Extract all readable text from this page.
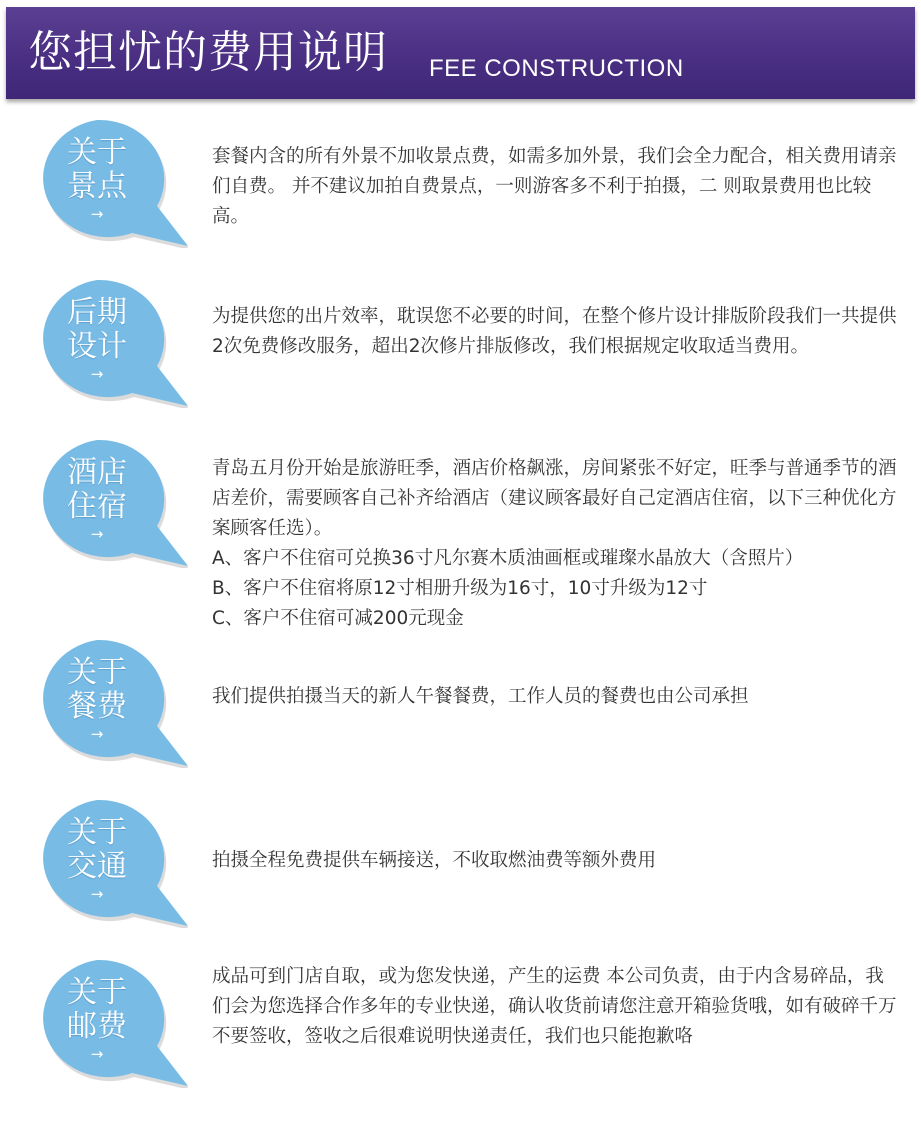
您担忧的费用说明 FEE CONSTRUCTION
关于
景点
→

套餐内含的所有外景不加收景点费，如需多加外景，我们会全力配合，相关费用请亲们自费。 并不建议加拍自费景点，一则游客多不利于拍摄，二 则取景费用也比较高。

后期
设计
→

为提供您的出片效率，耽误您不必要的时间，在整个修片设计排版阶段我们一共提供2次免费修改服务，超出2次修片排版修改，我们根据规定收取适当费用。

酒店
住宿
→

青岛五月份开始是旅游旺季，酒店价格飙涨，房间紧张不好定，旺季与普通季节的酒店差价，需要顾客自己补齐给酒店（建议顾客最好自己定酒店住宿，以下三种优化方案顾客任选）。

A、客户不住宿可兑换36寸凡尔赛木质油画框或璀璨水晶放大（含照片）

B、客户不住宿将原12寸相册升级为16寸，10寸升级为12寸

C、客户不住宿可减200元现金

关于
餐费
→

我们提供拍摄当天的新人午餐餐费，工作人员的餐费也由公司承担

关于
交通
→

拍摄全程免费提供车辆接送，不收取燃油费等额外费用

关于
邮费
→

成品可到门店自取，或为您发快递，产生的运费 本公司负责，由于内含易碎品，我们会为您选择合作多年的专业快递，确认收货前请您注意开箱验货哦，如有破碎千万不要签收，签收之后很难说明快递责任，我们也只能抱歉咯
